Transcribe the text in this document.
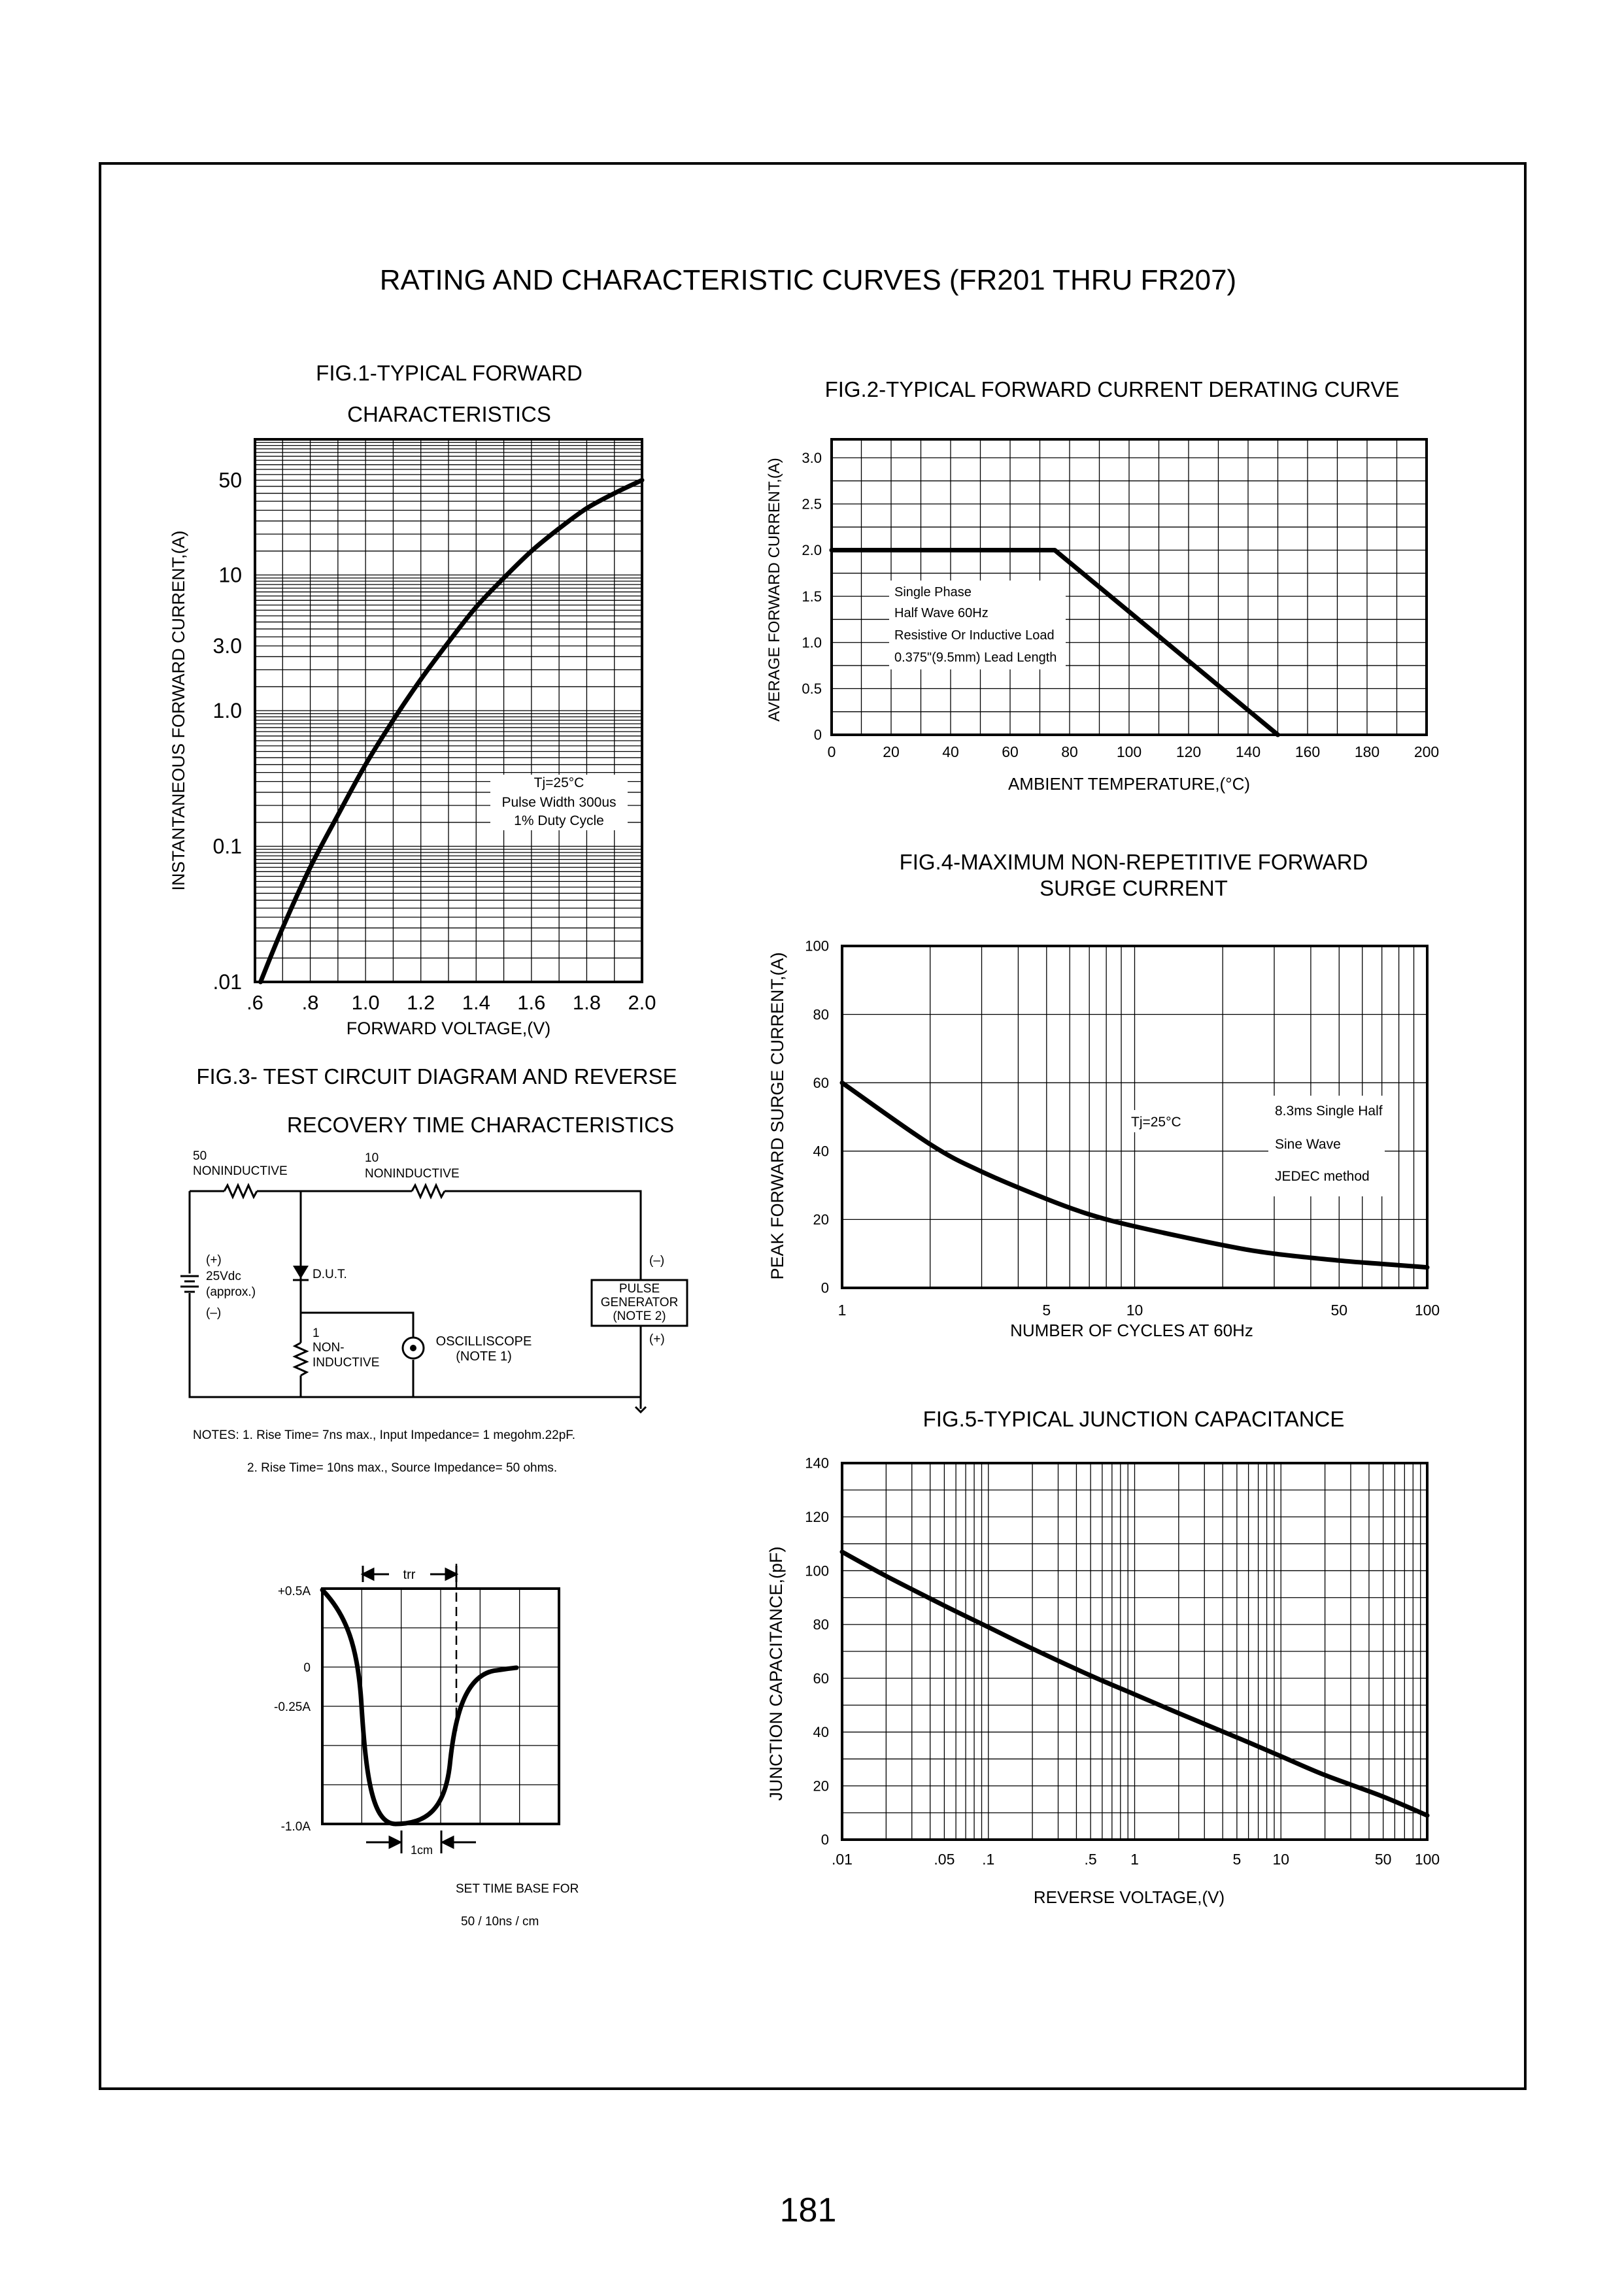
RATING AND CHARACTERISTIC CURVES (FR201 THRU FR207)
FIG.1-TYPICAL FORWARD
CHARACTERISTICS
.6 .8 1.0 1.2 1.4 1.6 1.8 2.0
.01
0.1
1.0
3.0
10
50
Tj=25°C
Pulse Width 300us
1% Duty Cycle
FORWARD VOLTAGE,(V)
INSTANTANEOUS FORWARD CURRENT,(A)
FIG.2-TYPICAL FORWARD CURRENT DERATING CURVE
0	20	40	60	80	100 120 140 160 180 200
0
0.5
1.0
1.5
2.0
2.5
3.0
Single Phase
Half Wave 60Hz
Resistive Or Inductive Load
0.375"(9.5mm) Lead Length
AMBIENT TEMPERATURE,(°C)
AVERAGE FORWARD CURRENT,(A)
FIG.4-MAXIMUM NON-REPETITIVE FORWARD
SURGE CURRENT
1	5	10	50	100
0
20
40
60
80
100
Tj=25°C
8.3ms Single Half
Sine Wave
JEDEC method
NUMBER OF CYCLES AT 60Hz
PEAK FORWARD SURGE CURRENT,(A)
FIG.5-TYPICAL JUNCTION CAPACITANCE
.01	.05 .1	.5 1	5 10	50 100
0
20
40
60
80
100
120
140
REVERSE VOLTAGE,(V)
JUNCTION CAPACITANCE,(pF)
FIG.3- TEST CIRCUIT DIAGRAM AND REVERSE
RECOVERY TIME CHARACTERISTICS
50
NONINDUCTIVE
10
NONINDUCTIVE
(+)
25Vdc
(approx.)
(–)
D.U.T.
1
NON-
INDUCTIVE
OSCILLISCOPE
(NOTE 1)
PULSE
GENERATOR
(NOTE 2)
(–)
(+)
NOTES: 1. Rise Time= 7ns max., Input Impedance= 1 megohm.22pF.
2. Rise Time= 10ns max., Source Impedance= 50 ohms.
trr
+0.5A
0
-0.25A
-1.0A
1cm
SET TIME BASE FOR
50 / 10ns / cm
181
